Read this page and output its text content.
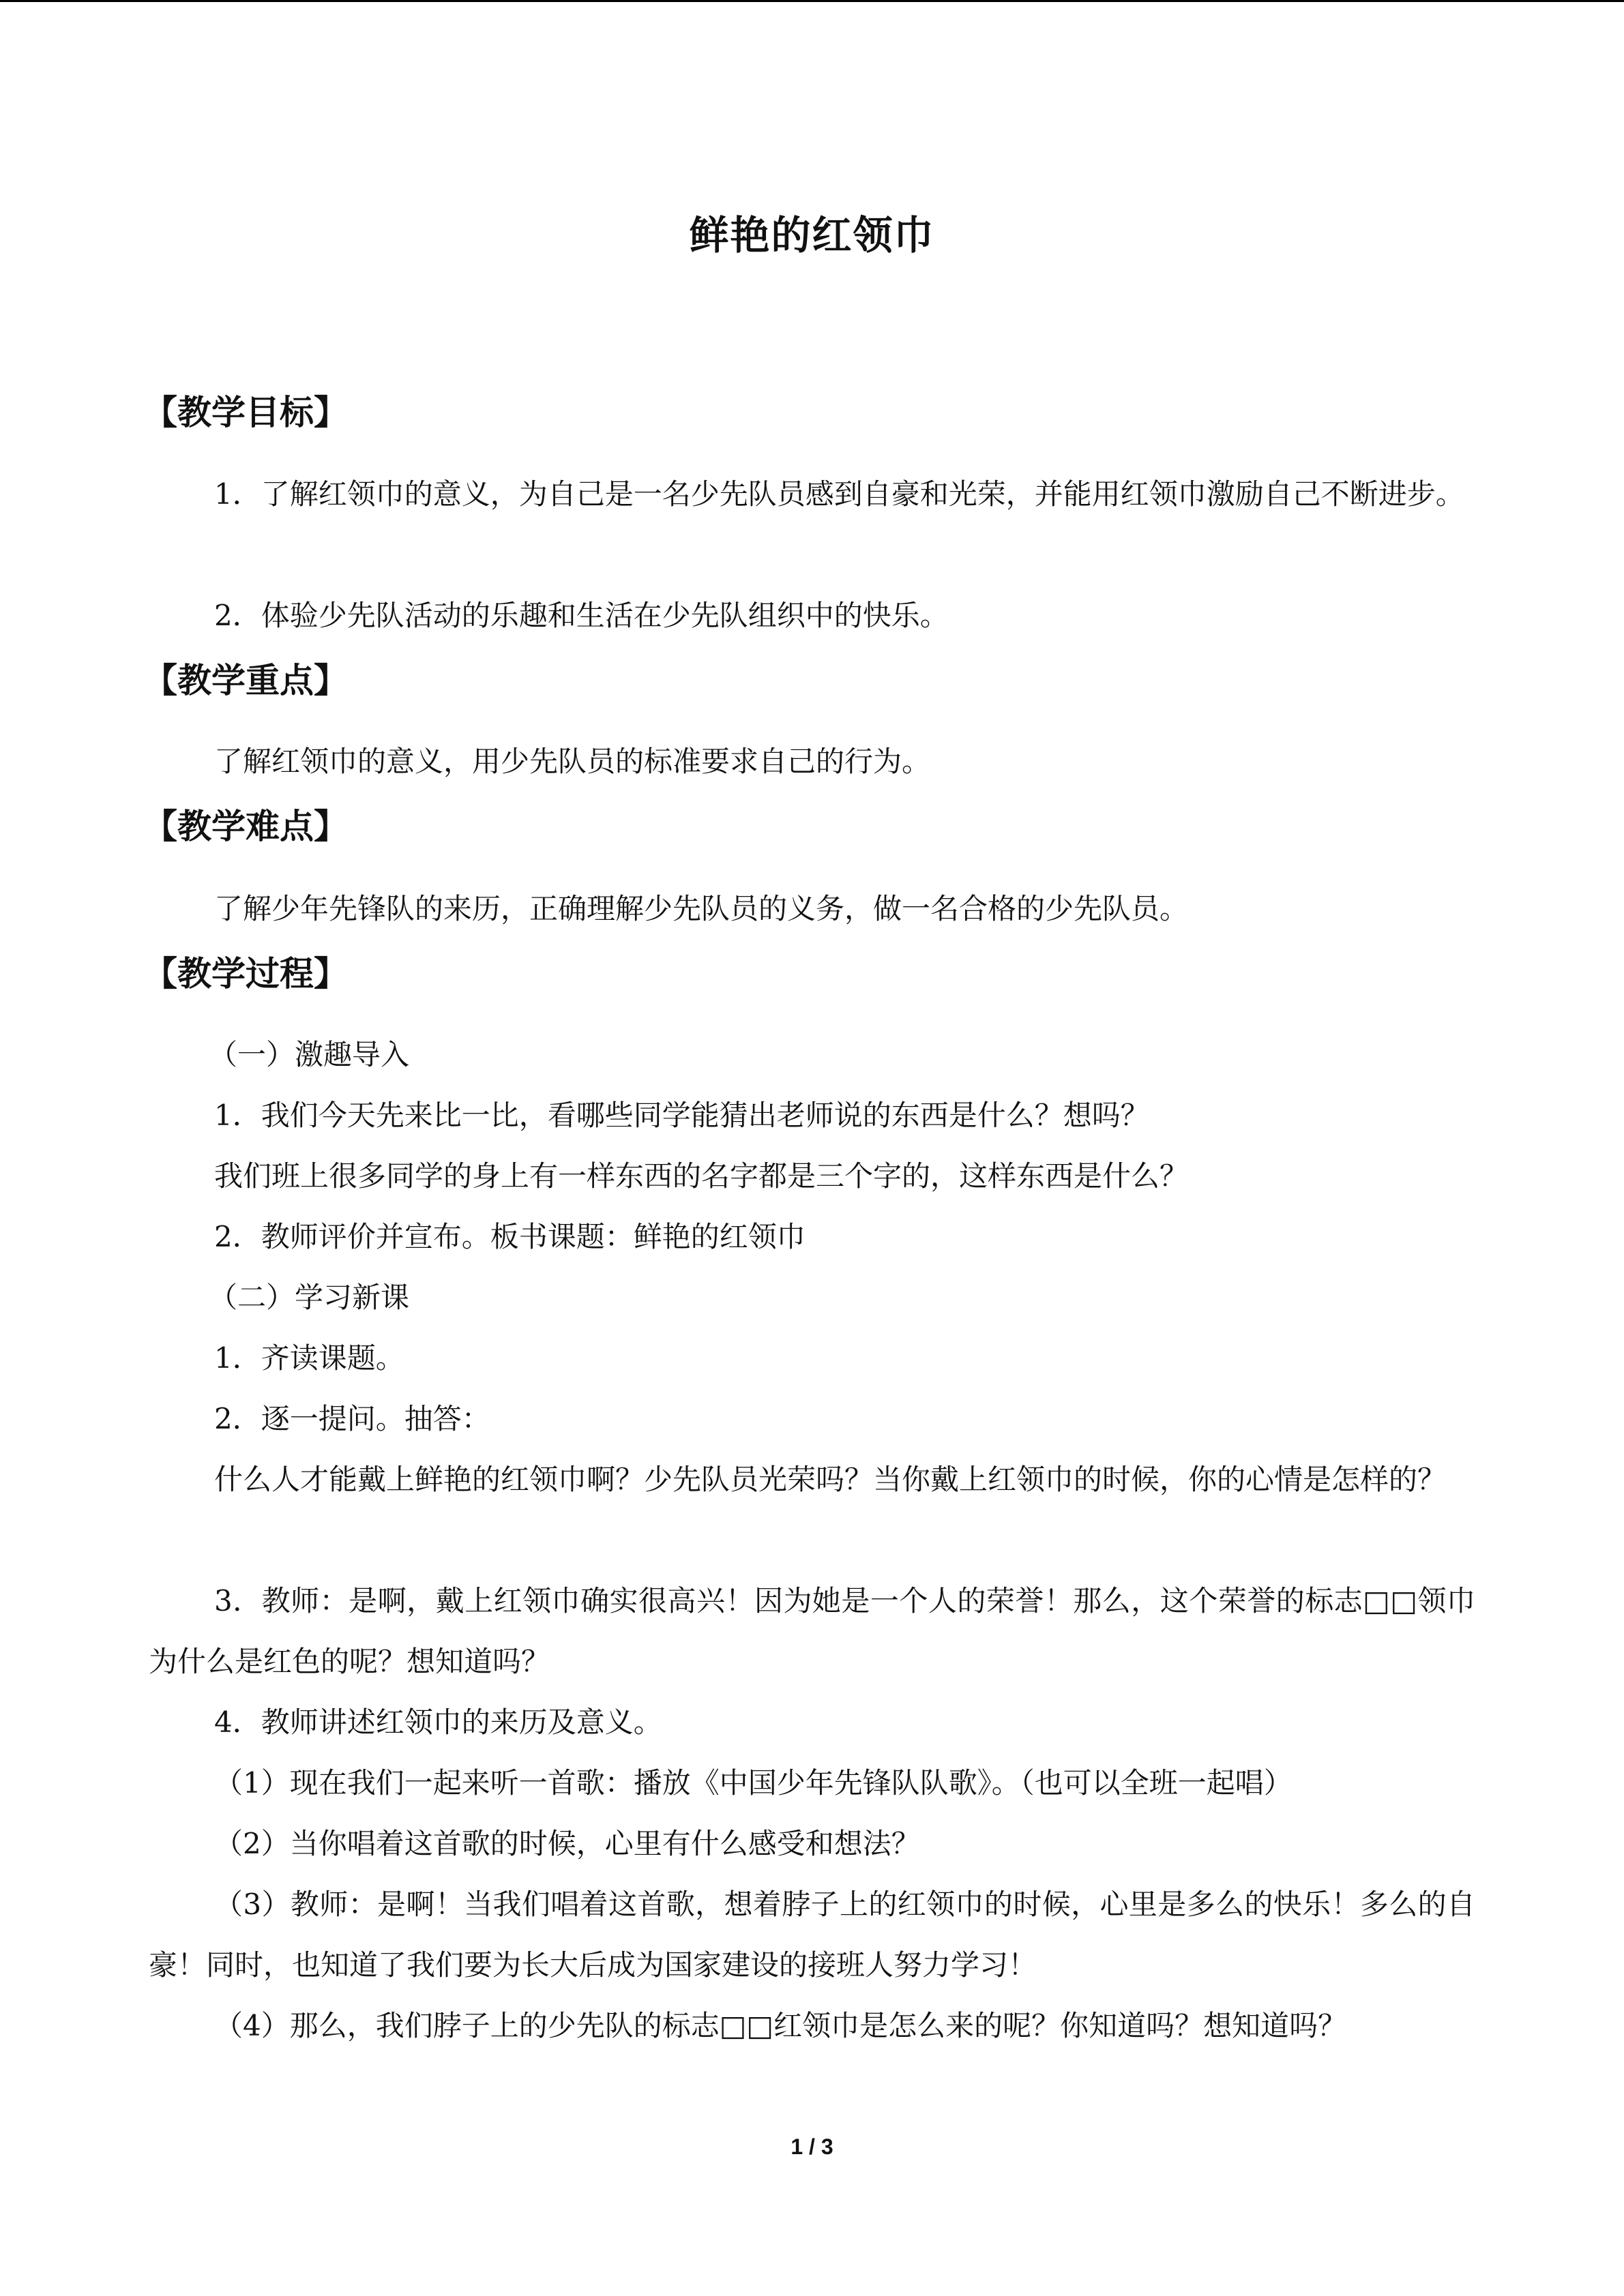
鲜艳的红领巾
【教学目标】
1．了解红领巾的意义，为自己是一名少先队员感到自豪和光荣，并能用红领巾激励自己不断进步。
2．体验少先队活动的乐趣和生活在少先队组织中的快乐。
【教学重点】
了解红领巾的意义，用少先队员的标准要求自己的行为。
【教学难点】
了解少年先锋队的来历，正确理解少先队员的义务，做一名合格的少先队员。
【教学过程】
（一）激趣导入
1．我们今天先来比一比，看哪些同学能猜出老师说的东西是什么？想吗？
我们班上很多同学的身上有一样东西的名字都是三个字的，这样东西是什么？
2．教师评价并宣布。板书课题：鲜艳的红领巾
（二）学习新课
1．齐读课题。
2．逐一提问。抽答：
什么人才能戴上鲜艳的红领巾啊？少先队员光荣吗？当你戴上红领巾的时候，你的心情是怎样的？
3．教师：是啊，戴上红领巾确实很高兴！因为她是一个人的荣誉！那么，这个荣誉的标志□□领巾为什么是红色的呢？想知道吗？
4．教师讲述红领巾的来历及意义。
（1）现在我们一起来听一首歌：播放《中国少年先锋队队歌》。（也可以全班一起唱）
（2）当你唱着这首歌的时候，心里有什么感受和想法？
（3）教师：是啊！当我们唱着这首歌，想着脖子上的红领巾的时候，心里是多么的快乐！多么的自豪！同时，也知道了我们要为长大后成为国家建设的接班人努力学习！
（4）那么，我们脖子上的少先队的标志□□红领巾是怎么来的呢？你知道吗？想知道吗？
1 / 3
